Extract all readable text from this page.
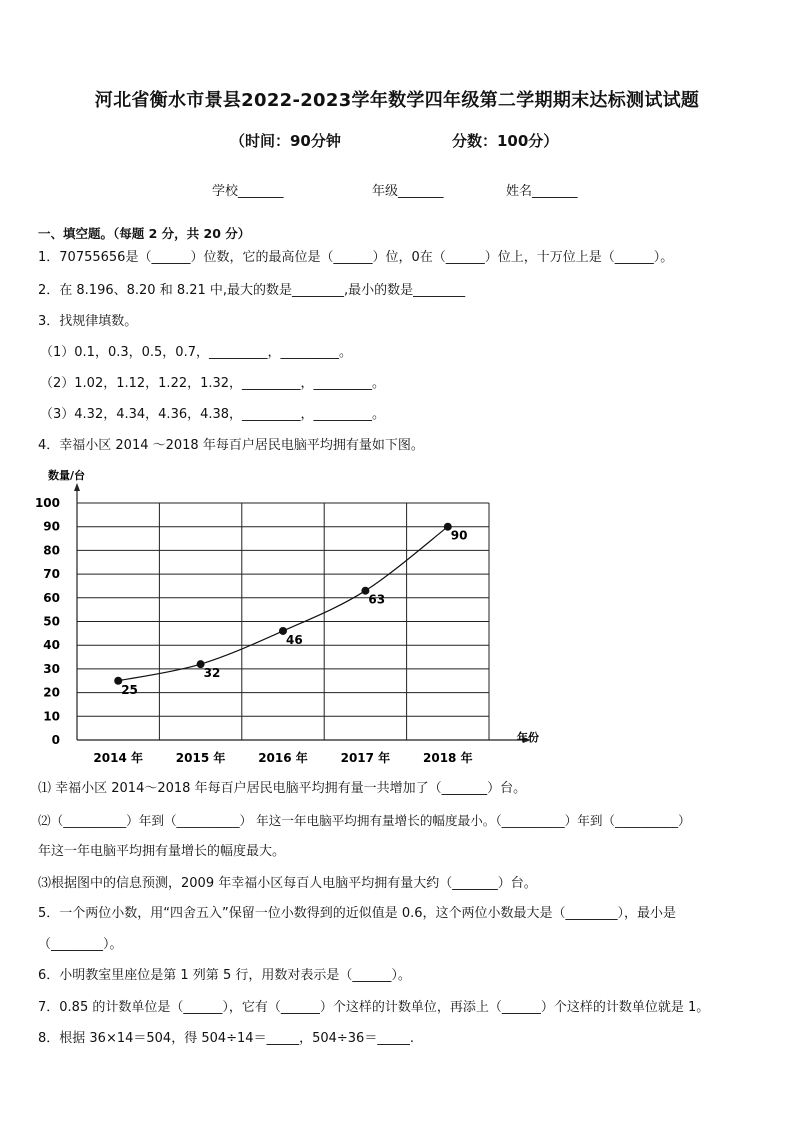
河北省衡水市景县2022-2023学年数学四年级第二学期期末达标测试试题
（时间：90分钟	分数：100分）
学校_______	年级_______	姓名_______
一、填空题。（每题 2 分，共 20 分）
1．70755656是（______）位数，它的最高位是（______）位，0在（______）位上，十万位上是（______）。
2．在 8.196、8.20 和 8.21 中,最大的数是________,最小的数是________
3．找规律填数。
（1）0.1，0.3，0.5，0.7，_________，_________。
（2）1.02，1.12，1.22，1.32，_________，_________。
（3）4.32，4.34，4.36，4.38，_________，_________。
4．幸福小区 2014 ～2018 年每百户居民电脑平均拥有量如下图。
0
10
20
30
40
50
60
70
80
90
100
数量/台
年份
2014 年	2015 年	2016 年	2017 年	2018 年
25
32
46
63
90
⑴ 幸福小区 2014～2018 年每百户居民电脑平均拥有量一共增加了（_______）台。
⑵（__________）年到（__________） 年这一年电脑平均拥有量增长的幅度最小。（__________）年到（__________）
年这一年电脑平均拥有量增长的幅度最大。
⑶根据图中的信息预测，2009 年幸福小区每百人电脑平均拥有量大约（_______）台。
5．一个两位小数，用“四舍五入”保留一位小数得到的近似值是 0.6，这个两位小数最大是（________），最小是
（________）。
6．小明教室里座位是第 1 列第 5 行，用数对表示是（______）。
7．0.85 的计数单位是（______），它有（______）个这样的计数单位，再添上（______）个这样的计数单位就是 1。
8．根据 36×14＝504，得 504÷14＝_____，504÷36＝_____.
